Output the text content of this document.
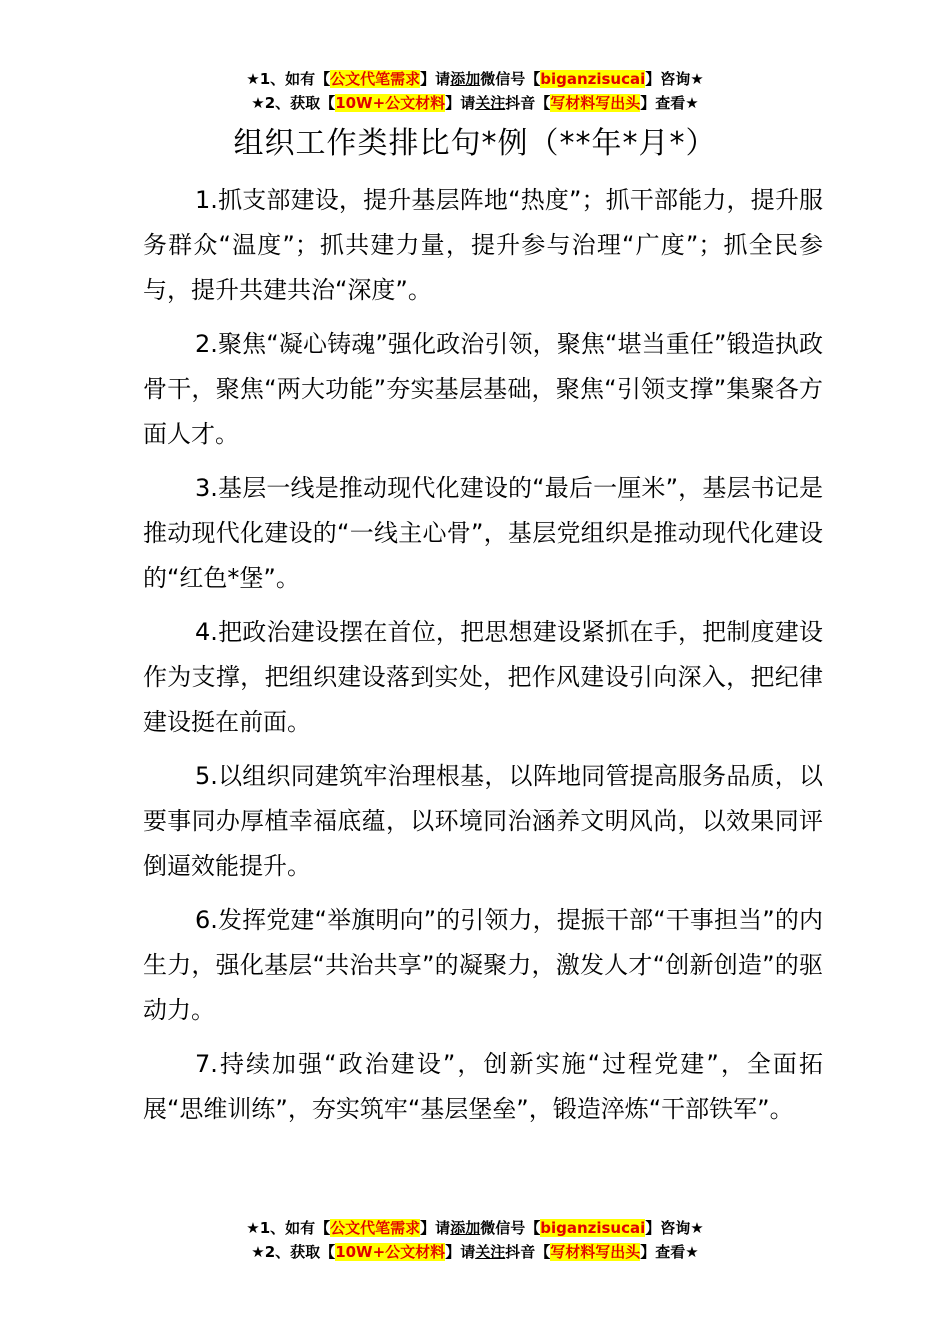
★1、如有【公文代笔需求】请添加微信号【biganzisucai】咨询★
★2、获取【10W+公文材料】请关注抖音【写材料写出头】查看★
组织工作类排比句*例（**年*月*）

1.抓支部建设，提升基层阵地“热度”；抓干部能力，提升服务群众“温度”；抓共建力量，提升参与治理“广度”；抓全民参与，提升共建共治“深度”。

2.聚焦“凝心铸魂”强化政治引领，聚焦“堪当重任”锻造执政骨干，聚焦“两大功能”夯实基层基础，聚焦“引领支撑”集聚各方面人才。

3.基层一线是推动现代化建设的“最后一厘米”，基层书记是推动现代化建设的“一线主心骨”，基层党组织是推动现代化建设的“红色*堡”。

4.把政治建设摆在首位，把思想建设紧抓在手，把制度建设作为支撑，把组织建设落到实处，把作风建设引向深入，把纪律建设挺在前面。

5.以组织同建筑牢治理根基，以阵地同管提高服务品质，以要事同办厚植幸福底蕴，以环境同治涵养文明风尚，以效果同评倒逼效能提升。

6.发挥党建“举旗明向”的引领力，提振干部“干事担当”的内生力，强化基层“共治共享”的凝聚力，激发人才“创新创造”的驱动力。

7.持续加强“政治建设”，创新实施“过程党建”，全面拓展“思维训练”，夯实筑牢“基层堡垒”，锻造淬炼“干部铁军”。

★1、如有【公文代笔需求】请添加微信号【biganzisucai】咨询★
★2、获取【10W+公文材料】请关注抖音【写材料写出头】查看★
